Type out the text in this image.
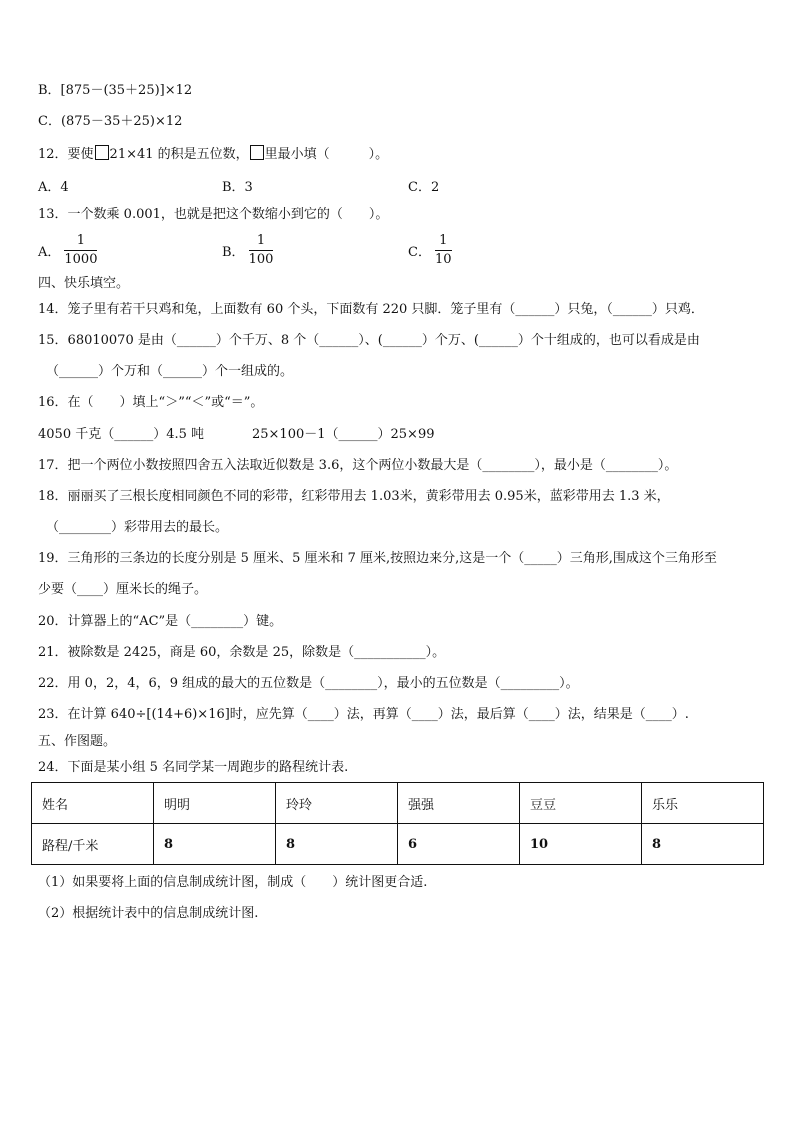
B．[875－(35＋25)]×12
C．(875－35＋25)×12
12．要使 21×41 的积是五位数， 里最小填（　　　）。
A．4	B．3	C．2
13．一个数乘 0.001，也就是把这个数缩小到它的（　　）。
A． $\frac{1}{1000}$	B． $\frac{1}{100}$	C． $\frac{1}{10}$
四、快乐填空。
14．笼子里有若干只鸡和兔，上面数有 60 个头，下面数有 220 只脚．笼子里有（______）只兔，（______）只鸡．
15．68010070 是由（______）个千万、8 个（______）、(______）个万、(______）个十组成的，也可以看成是由
（______）个万和（______）个一组成的。
16．在（　　）填上“＞”“＜”或“＝”。
4050 千克（______）4.5 吨	25×100－1（______）25×99
17．把一个两位小数按照四舍五入法取近似数是 3.6，这个两位小数最大是（________），最小是（________）。
18．丽丽买了三根长度相同颜色不同的彩带，红彩带用去 1.03米，黄彩带用去 0.95米，蓝彩带用去 1.3 米，
（________）彩带用去的最长。
19．三角形的三条边的长度分别是 5 厘米、5 厘米和 7 厘米,按照边来分,这是一个（_____）三角形,围成这个三角形至
少要（____）厘米长的绳子。
20．计算器上的“AC”是（________）键。
21．被除数是 2425，商是 60，余数是 25，除数是（___________）。
22．用 0，2，4，6，9 组成的最大的五位数是（________），最小的五位数是（_________）。
23．在计算 640÷[(14+6)×16]时，应先算（____）法，再算（____）法，最后算（____）法，结果是（____）.
五、作图题。
24．下面是某小组 5 名同学某一周跑步的路程统计表.
姓名	明明	玲玲	强强	豆豆	乐乐
路程/千米	8	8	6	10	8
（1）如果要将上面的信息制成统计图，制成（　　）统计图更合适.
（2）根据统计表中的信息制成统计图.
